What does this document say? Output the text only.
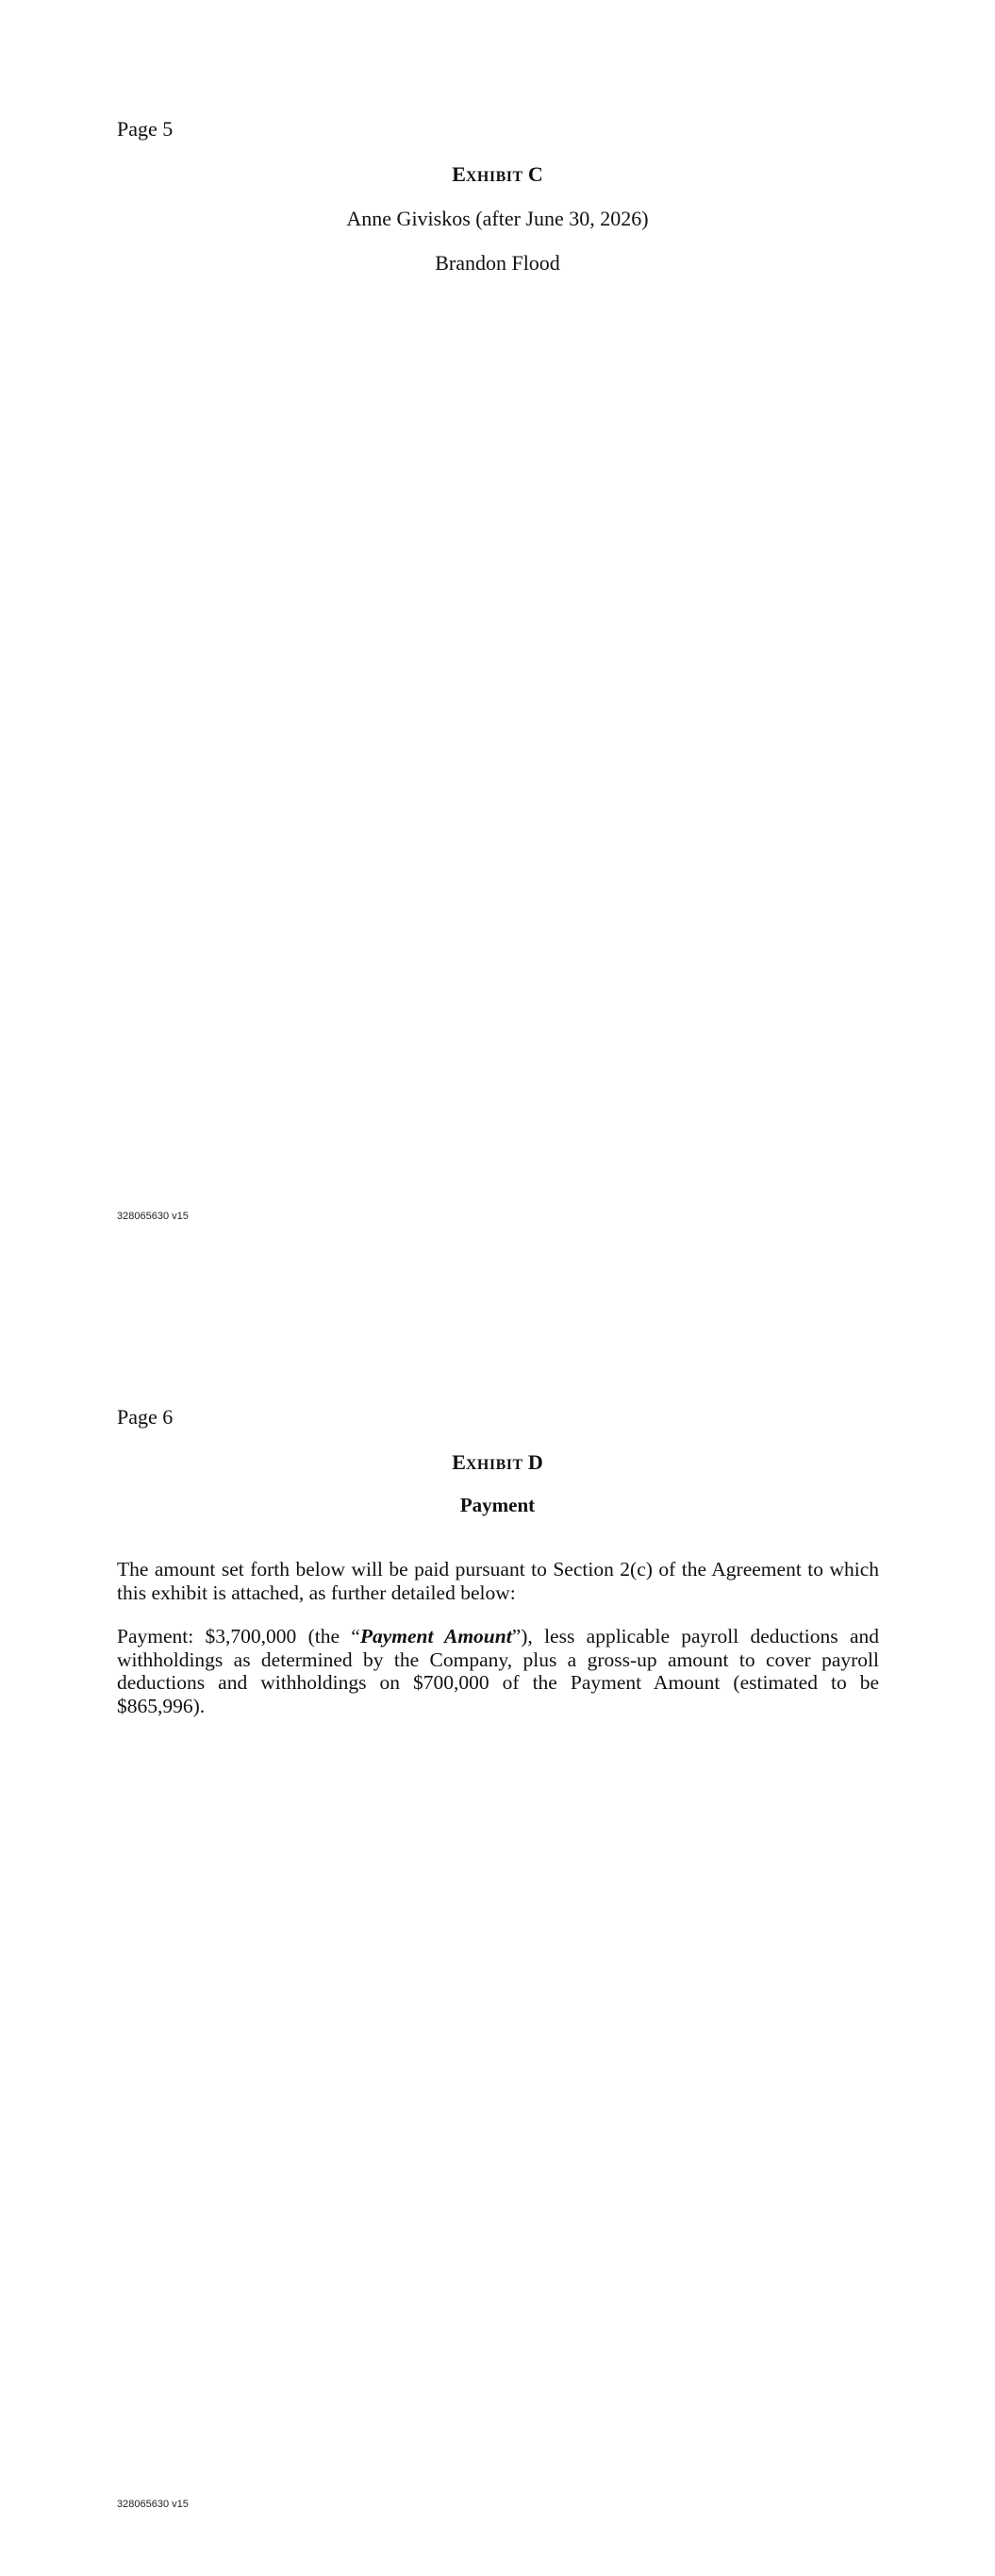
Page 5
EXHIBIT C
Anne Giviskos (after June 30, 2026)
Brandon Flood
328065630 v15
Page 6
EXHIBIT D
Payment
The amount set forth below will be paid pursuant to Section 2(c) of the Agreement to which this exhibit is attached, as further detailed below:
Payment: $3,700,000 (the “Payment Amount”), less applicable payroll deductions and withholdings as determined by the Company, plus a gross-up amount to cover payroll deductions and withholdings on $700,000 of the Payment Amount (estimated to be $865,996).
328065630 v15
